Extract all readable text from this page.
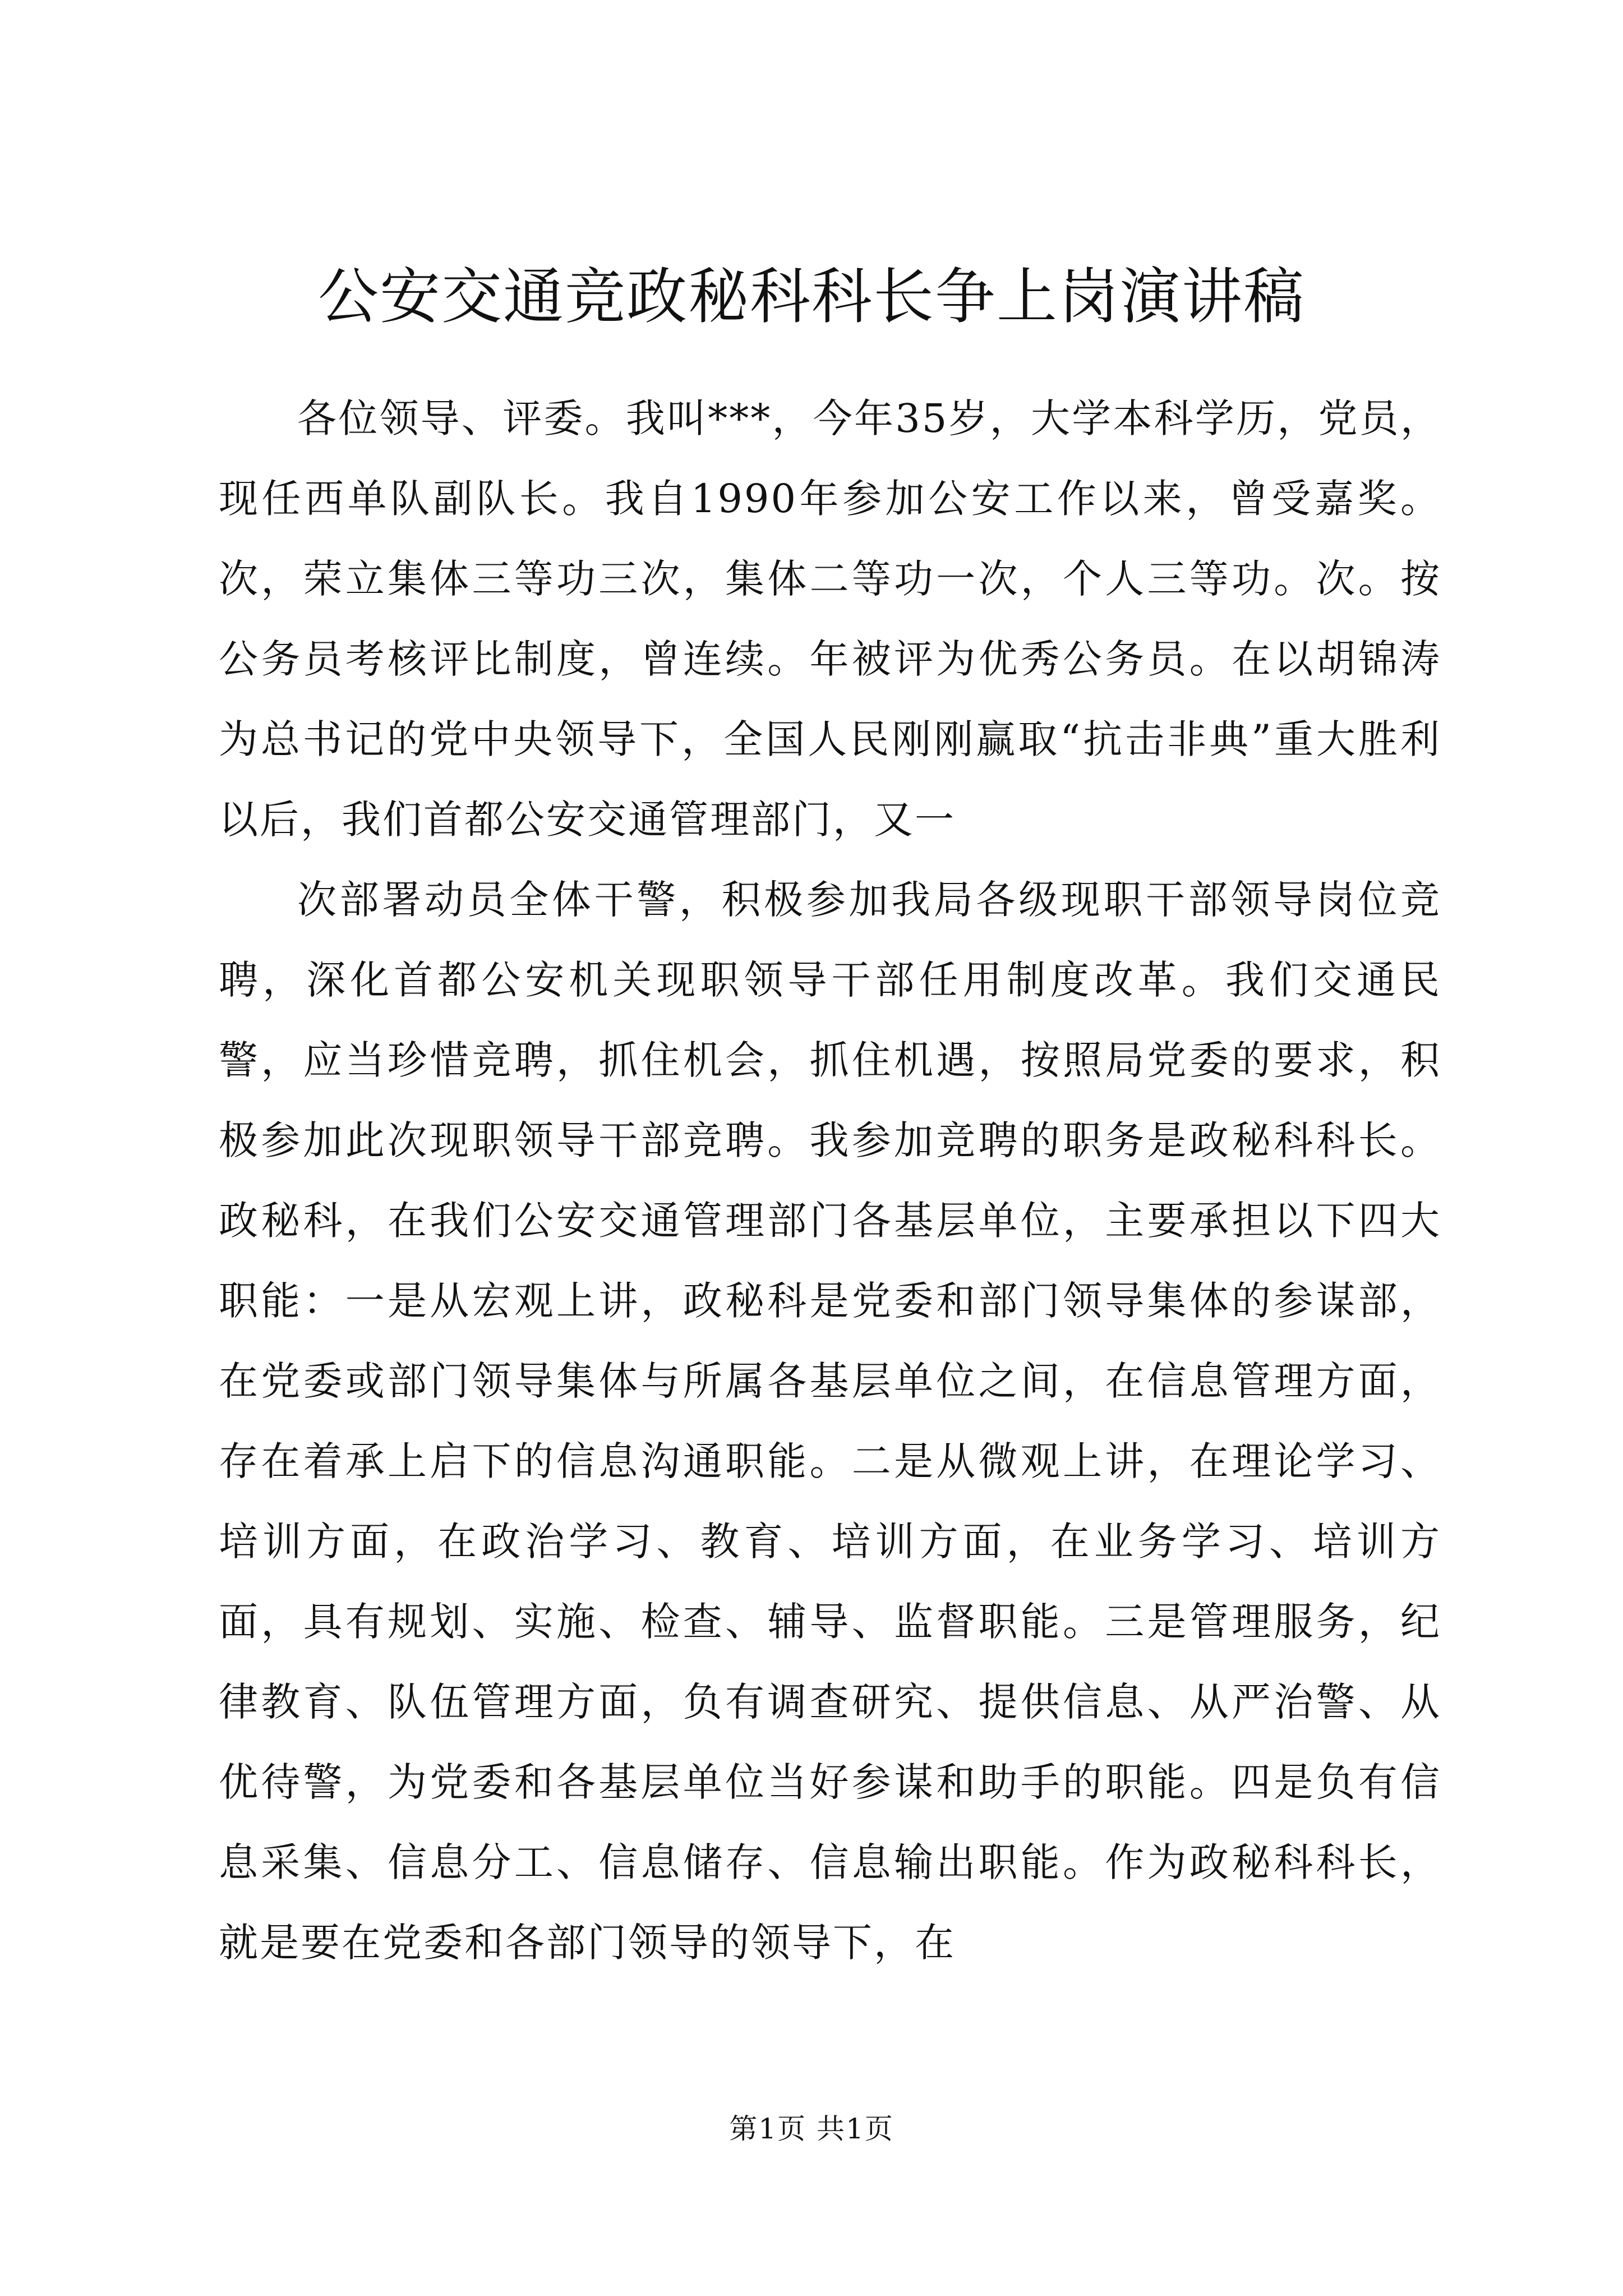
公安交通竞政秘科科长争上岗演讲稿

各位领导、评委。我叫***，今年35岁，大学本科学历，党员，现任西单队副队长。我自1990年参加公安工作以来，曾受嘉奖。次，荣立集体三等功三次，集体二等功一次，个人三等功。次。按公务员考核评比制度，曾连续。年被评为优秀公务员。在以胡锦涛为总书记的党中央领导下，全国人民刚刚赢取“抗击非典”重大胜利以后，我们首都公安交通管理部门，又一

次部署动员全体干警，积极参加我局各级现职干部领导岗位竞聘，深化首都公安机关现职领导干部任用制度改革。我们交通民警，应当珍惜竞聘，抓住机会，抓住机遇，按照局党委的要求，积极参加此次现职领导干部竞聘。我参加竞聘的职务是政秘科科长。政秘科，在我们公安交通管理部门各基层单位，主要承担以下四大职能：一是从宏观上讲，政秘科是党委和部门领导集体的参谋部，在党委或部门领导集体与所属各基层单位之间，在信息管理方面，存在着承上启下的信息沟通职能。二是从微观上讲，在理论学习、培训方面，在政治学习、教育、培训方面，在业务学习、培训方面，具有规划、实施、检查、辅导、监督职能。三是管理服务，纪律教育、队伍管理方面，负有调查研究、提供信息、从严治警、从优待警，为党委和各基层单位当好参谋和助手的职能。四是负有信息采集、信息分工、信息储存、信息输出职能。作为政秘科科长，就是要在党委和各部门领导的领导下，在

第1页 共1页
